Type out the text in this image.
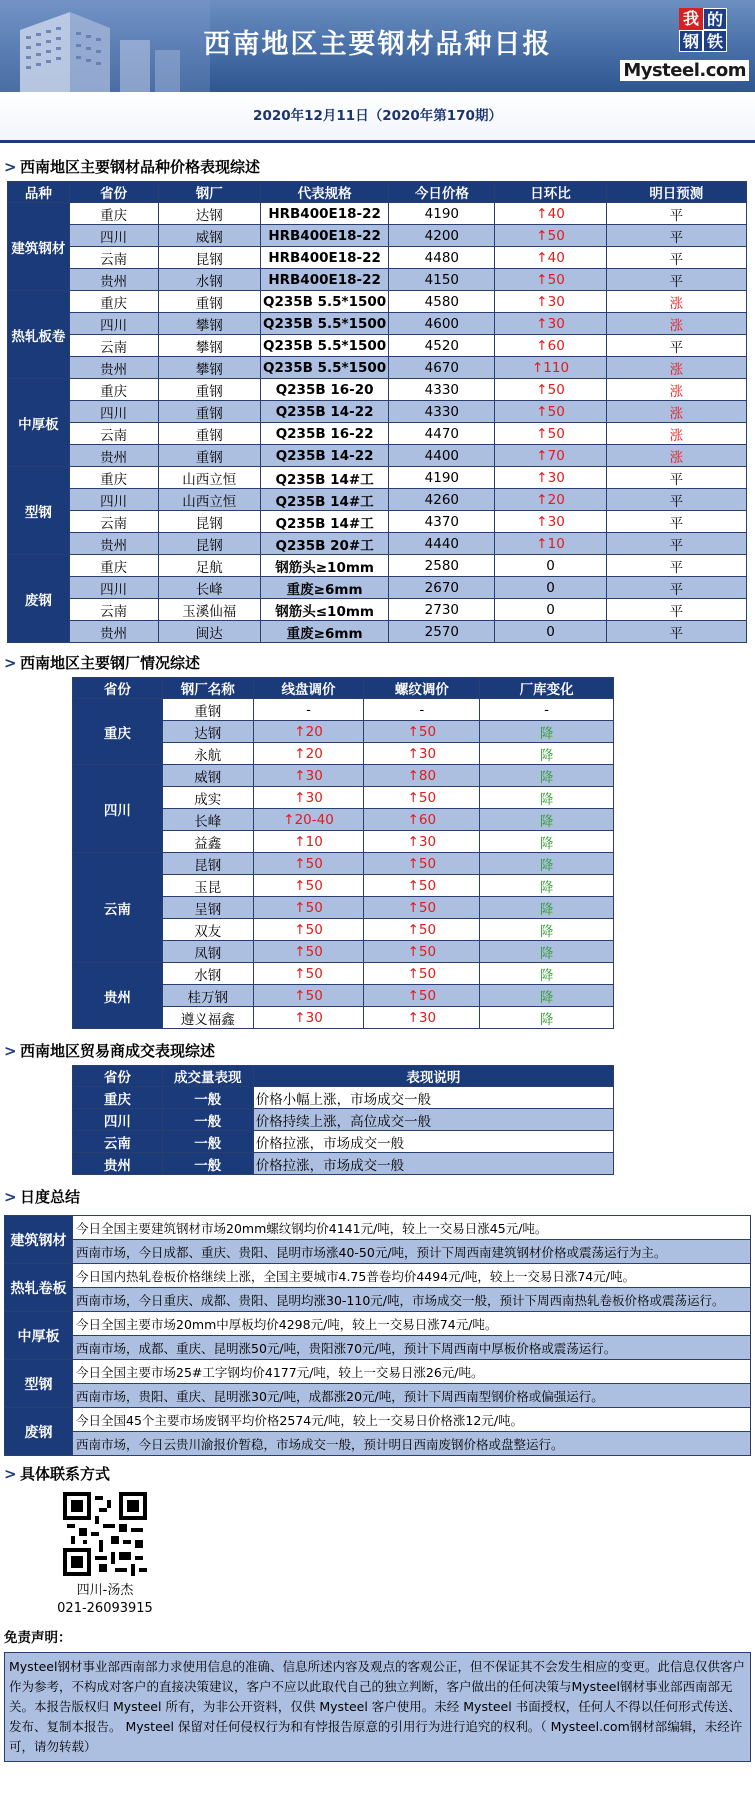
西南地区主要钢材品种日报
我 的
钢 铁
Mysteel.com
2020年12月11日（2020年第170期）
> 西南地区主要钢材品种价格表现综述
品种	省份	钢厂	代表规格	今日价格	日环比	明日预测
建筑钢材	重庆	达钢	HRB400E18-22	4190	↑40	平
	四川	威钢	HRB400E18-22	4200	↑50	平
	云南	昆钢	HRB400E18-22	4480	↑40	平
	贵州	水钢	HRB400E18-22	4150	↑50	平
热轧板卷	重庆	重钢	Q235B 5.5*1500	4580	↑30	涨
	四川	攀钢	Q235B 5.5*1500	4600	↑30	涨
	云南	攀钢	Q235B 5.5*1500	4520	↑60	平
	贵州	攀钢	Q235B 5.5*1500	4670	↑110	涨
中厚板	重庆	重钢	Q235B 16-20	4330	↑50	涨
	四川	重钢	Q235B 14-22	4330	↑50	涨
	云南	重钢	Q235B 16-22	4470	↑50	涨
	贵州	重钢	Q235B 14-22	4400	↑70	涨
型钢	重庆	山西立恒	Q235B 14#工	4190	↑30	平
	四川	山西立恒	Q235B 14#工	4260	↑20	平
	云南	昆钢	Q235B 14#工	4370	↑30	平
	贵州	昆钢	Q235B 20#工	4440	↑10	平
废钢	重庆	足航	钢筋头≥10mm	2580	0	平
	四川	长峰	重废≥6mm	2670	0	平
	云南	玉溪仙福	钢筋头≤10mm	2730	0	平
	贵州	闽达	重废≥6mm	2570	0	平
> 西南地区主要钢厂情况综述
省份	钢厂名称	线盘调价	螺纹调价	厂库变化
重庆	重钢	-	-	-
	达钢	↑20	↑50	降
	永航	↑20	↑30	降
四川	威钢	↑30	↑80	降
	成实	↑30	↑50	降
	长峰	↑20-40	↑60	降
	益鑫	↑10	↑30	降
云南	昆钢	↑50	↑50	降
	玉昆	↑50	↑50	降
	呈钢	↑50	↑50	降
	双友	↑50	↑50	降
	凤钢	↑50	↑50	降
贵州	水钢	↑50	↑50	降
	桂万钢	↑50	↑50	降
	遵义福鑫	↑30	↑30	降
> 西南地区贸易商成交表现综述
省份	成交量表现	表现说明
重庆	一般	价格小幅上涨，市场成交一般
四川	一般	价格持续上涨，高位成交一般
云南	一般	价格拉涨，市场成交一般
贵州	一般	价格拉涨，市场成交一般
> 日度总结
建筑钢材	今日全国主要建筑钢材市场20mm螺纹钢均价4141元/吨，较上一交易日涨45元/吨。
	西南市场，今日成都、重庆、贵阳、昆明市场涨40-50元/吨，预计下周西南建筑钢材价格或震荡运行为主。
热轧卷板	今日国内热轧卷板价格继续上涨，全国主要城市4.75普卷均价4494元/吨，较上一交易日涨74元/吨。
	西南市场，今日重庆、成都、贵阳、昆明均涨30-110元/吨，市场成交一般，预计下周西南热轧卷板价格或震荡运行。
中厚板	今日全国主要市场20mm中厚板均价4298元/吨，较上一交易日涨74元/吨。
	西南市场，成都、重庆、昆明涨50元/吨，贵阳涨70元/吨，预计下周西南中厚板价格或震荡运行。
型钢	今日全国主要市场25#工字钢均价4177元/吨，较上一交易日涨26元/吨。
	西南市场，贵阳、重庆、昆明涨30元/吨，成都涨20元/吨，预计下周西南型钢价格或偏强运行。
废钢	今日全国45个主要市场废钢平均价格2574元/吨，较上一交易日价格涨12元/吨。
	西南市场，今日云贵川渝报价暂稳，市场成交一般，预计明日西南废钢价格或盘整运行。
> 具体联系方式
四川-汤杰
021-26093915
免责声明：
Mysteel钢材事业部西南部力求使用信息的准确、信息所述内容及观点的客观公正，但不保证其不会发生相应的变更。此信息仅供客户作为参考，不构成对客户的直接决策建议，客户不应以此取代自己的独立判断，客户做出的任何决策与Mysteel钢材事业部西南部无关。本报告版权归 Mysteel 所有，为非公开资料，仅供 Mysteel 客户使用。未经 Mysteel 书面授权，任何人不得以任何形式传送、发布、复制本报告。 Mysteel 保留对任何侵权行为和有悖报告原意的引用行为进行追究的权利。（ Mysteel.com钢材部编辑，未经许可，请勿转载）
